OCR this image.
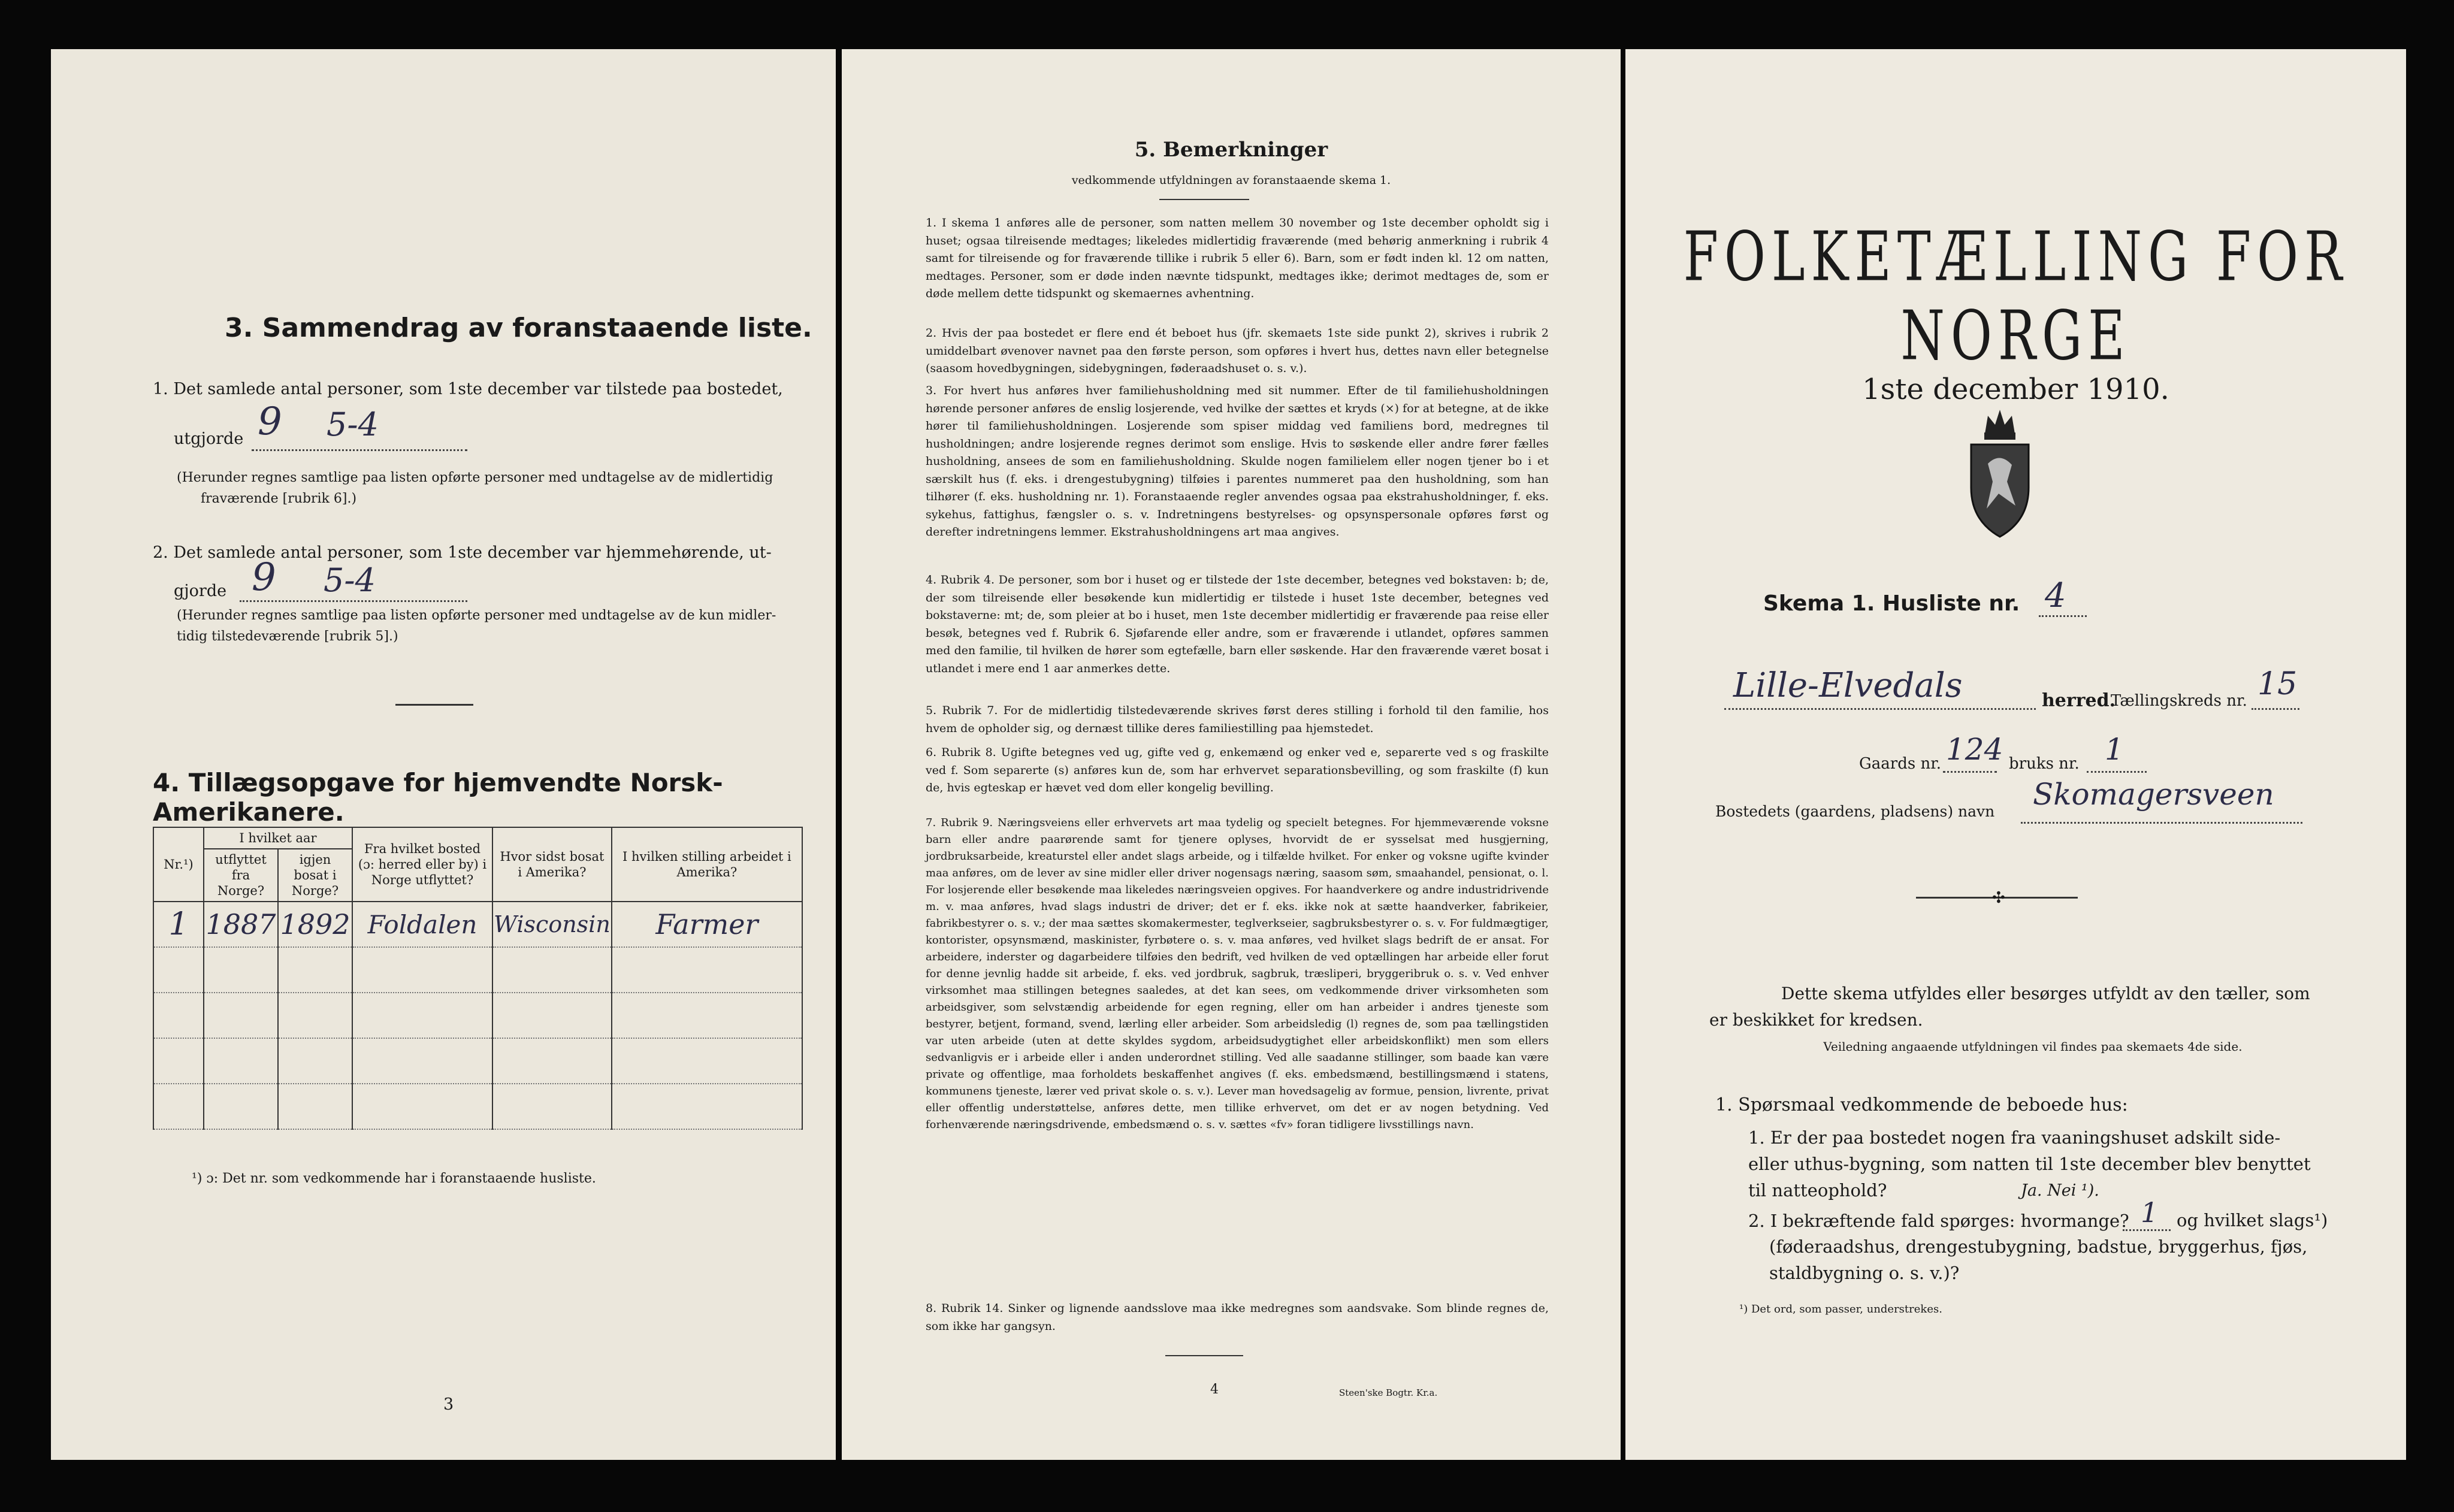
3. Sammendrag av foranstaaende liste.
1. Det samlede antal personer, som 1ste december var tilstede paa bostedet,
utgjorde 9 5-4
(Herunder regnes samtlige paa listen opførte personer med undtagelse av de midlertidig
fraværende [rubrik 6].)
2. Det samlede antal personer, som 1ste december var hjemmehørende, ut-
gjorde 9 5-4
(Herunder regnes samtlige paa listen opførte personer med undtagelse av de kun midler-
tidig tilstedeværende [rubrik 5].)
4. Tillægsopgave for hjemvendte Norsk-Amerikanere.
Nr.¹)	I hvilket aar		Fra hvilket bosted (ɔ: herred eller by) i Norge utflyttet?	Hvor sidst bosat i Amerika?	I hvilken stilling arbeidet i Amerika?
	utflyttet fra Norge?	igjen bosat i Norge?			
1	1887	1892	Foldalen	Wisconsin	Farmer

¹) ɔ: Det nr. som vedkommende har i foranstaaende husliste.
3
5. Bemerkninger
vedkommende utfyldningen av foranstaaende skema 1.
1. I skema 1 anføres alle de personer, som natten mellem 30 november og 1ste december opholdt sig i huset; ogsaa tilreisende medtages; likeledes midlertidig fraværende (med behørig anmerkning i rubrik 4 samt for tilreisende og for fraværende tillike i rubrik 5 eller 6). Barn, som er født inden kl. 12 om natten, medtages. Personer, som er døde inden nævnte tidspunkt, medtages ikke; derimot medtages de, som er døde mellem dette tidspunkt og skemaernes avhentning.
2. Hvis der paa bostedet er flere end ét beboet hus (jfr. skemaets 1ste side punkt 2), skrives i rubrik 2 umiddelbart øvenover navnet paa den første person, som opføres i hvert hus, dettes navn eller betegnelse (saasom hovedbygningen, sidebygningen, føderaadshuset o. s. v.).
3. For hvert hus anføres hver familiehusholdning med sit nummer. Efter de til familiehusholdningen hørende personer anføres de enslig losjerende, ved hvilke der sættes et kryds (×) for at betegne, at de ikke hører til familiehusholdningen. Losjerende som spiser middag ved familiens bord, medregnes til husholdningen; andre losjerende regnes derimot som enslige. Hvis to søskende eller andre fører fælles husholdning, ansees de som en familiehusholdning. Skulde nogen familielem eller nogen tjener bo i et særskilt hus (f. eks. i drengestubygning) tilføies i parentes nummeret paa den husholdning, som han tilhører (f. eks. husholdning nr. 1). Foranstaaende regler anvendes ogsaa paa ekstrahusholdninger, f. eks. sykehus, fattighus, fængsler o. s. v. Indretningens bestyrelses- og opsynspersonale opføres først og derefter indretningens lemmer. Ekstrahusholdningens art maa angives.
4. Rubrik 4. De personer, som bor i huset og er tilstede der 1ste december, betegnes ved bokstaven: b; de, der som tilreisende eller besøkende kun midlertidig er tilstede i huset 1ste december, betegnes ved bokstaverne: mt; de, som pleier at bo i huset, men 1ste december midlertidig er fraværende paa reise eller besøk, betegnes ved f. Rubrik 6. Sjøfarende eller andre, som er fraværende i utlandet, opføres sammen med den familie, til hvilken de hører som egtefælle, barn eller søskende. Har den fraværende været bosat i utlandet i mere end 1 aar anmerkes dette.
5. Rubrik 7. For de midlertidig tilstedeværende skrives først deres stilling i forhold til den familie, hos hvem de opholder sig, og dernæst tillike deres familiestilling paa hjemstedet.
6. Rubrik 8. Ugifte betegnes ved ug, gifte ved g, enkemænd og enker ved e, separerte ved s og fraskilte ved f. Som separerte (s) anføres kun de, som har erhvervet separationsbevilling, og som fraskilte (f) kun de, hvis egteskap er hævet ved dom eller kongelig bevilling.
7. Rubrik 9. Næringsveiens eller erhvervets art maa tydelig og specielt betegnes. For hjemmeværende voksne barn eller andre paarørende samt for tjenere oplyses, hvorvidt de er sysselsat med husgjerning, jordbruksarbeide, kreaturstel eller andet slags arbeide, og i tilfælde hvilket. For enker og voksne ugifte kvinder maa anføres, om de lever av sine midler eller driver nogensags næring, saasom søm, smaahandel, pensionat, o. l. For losjerende eller besøkende maa likeledes næringsveien opgives. For haandverkere og andre industridrivende m. v. maa anføres, hvad slags industri de driver; det er f. eks. ikke nok at sætte haandverker, fabrikeier, fabrikbestyrer o. s. v.; der maa sættes skomakermester, teglverkseier, sagbruksbestyrer o. s. v. For fuldmægtiger, kontorister, opsynsmænd, maskinister, fyrbøtere o. s. v. maa anføres, ved hvilket slags bedrift de er ansat. For arbeidere, inderster og dagarbeidere tilføies den bedrift, ved hvilken de ved optællingen har arbeide eller forut for denne jevnlig hadde sit arbeide, f. eks. ved jordbruk, sagbruk, træsliperi, bryggeribruk o. s. v. Ved enhver virksomhet maa stillingen betegnes saaledes, at det kan sees, om vedkommende driver virksomheten som arbeidsgiver, som selvstændig arbeidende for egen regning, eller om han arbeider i andres tjeneste som bestyrer, betjent, formand, svend, lærling eller arbeider. Som arbeidsledig (l) regnes de, som paa tællingstiden var uten arbeide (uten at dette skyldes sygdom, arbeidsudygtighet eller arbeidskonflikt) men som ellers sedvanligvis er i arbeide eller i anden underordnet stilling. Ved alle saadanne stillinger, som baade kan være private og offentlige, maa forholdets beskaffenhet angives (f. eks. embedsmænd, bestillingsmænd i statens, kommunens tjeneste, lærer ved privat skole o. s. v.). Lever man hovedsagelig av formue, pension, livrente, privat eller offentlig understøttelse, anføres dette, men tillike erhvervet, om det er av nogen betydning. Ved forhenværende næringsdrivende, embedsmænd o. s. v. sættes «fv» foran tidligere livsstillings navn.
8. Rubrik 14. Sinker og lignende aandsslove maa ikke medregnes som aandsvake. Som blinde regnes de, som ikke har gangsyn.
4	Steen'ske Bogtr. Kr.a.
FOLKETÆLLING FOR NORGE
1ste december 1910.
Skema 1. Husliste nr. 4
Lille-Elvedals	herred.
Tællingskreds nr. 15
Gaards nr. 124 bruks nr. 1
Bostedets (gaardens, pladsens) navn Skomagersveen
✣
Dette skema utfyldes eller besørges utfyldt av den tæller, som er beskikket for kredsen.
Veiledning angaaende utfyldningen vil findes paa skemaets 4de side.
1. Spørsmaal vedkommende de beboede hus:
1. Er der paa bostedet nogen fra vaaningshuset adskilt side- eller uthus-bygning, som natten til 1ste december blev benyttet til natteophold?	Ja. Nei ¹).
2. I bekræftende fald spørges: hvormange? 1	og hvilket slags¹) (føderaadshus, drengestubygning, badstue, bryggerhus, fjøs, staldbygning o. s. v.)?
¹) Det ord, som passer, understrekes.
